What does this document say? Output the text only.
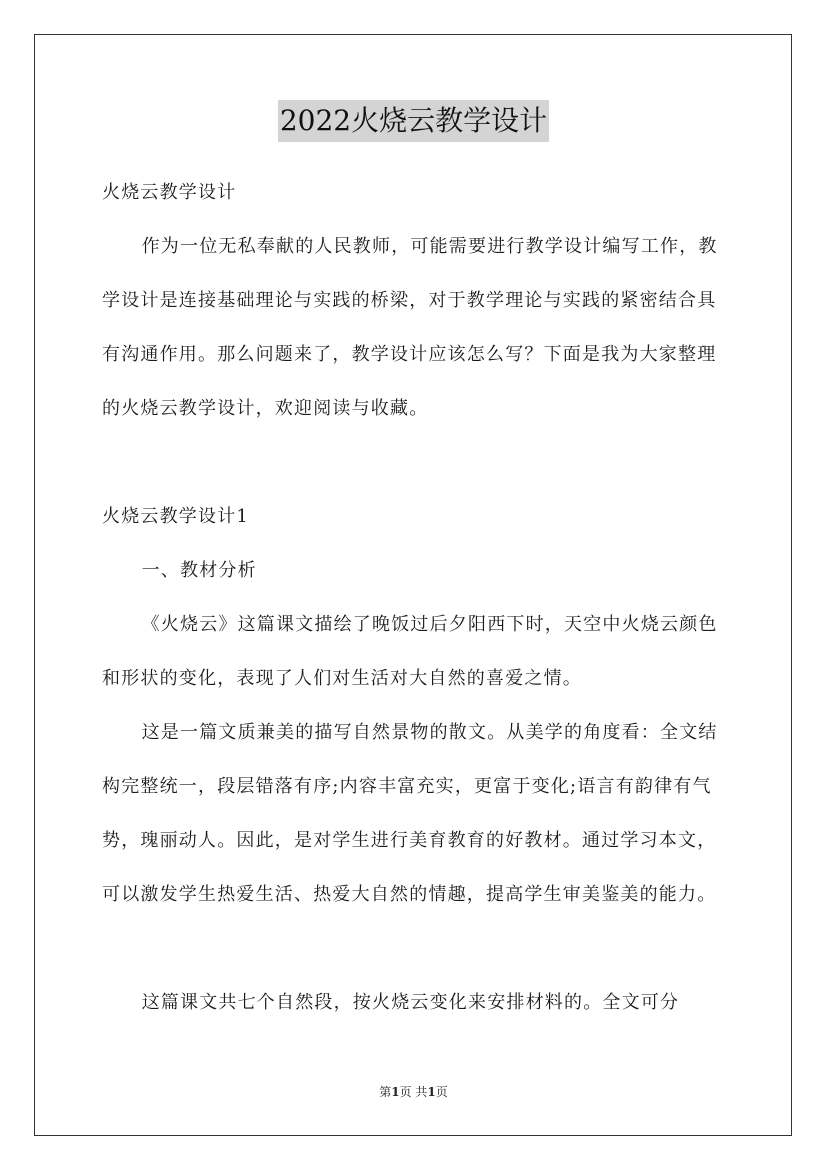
2022火烧云教学设计

火烧云教学设计

作为一位无私奉献的人民教师，可能需要进行教学设计编写工作，教学设计是连接基础理论与实践的桥梁，对于教学理论与实践的紧密结合具有沟通作用。那么问题来了，教学设计应该怎么写？下面是我为大家整理的火烧云教学设计，欢迎阅读与收藏。

火烧云教学设计1

一、教材分析

《火烧云》这篇课文描绘了晚饭过后夕阳西下时，天空中火烧云颜色和形状的变化，表现了人们对生活对大自然的喜爱之情。

这是一篇文质兼美的描写自然景物的散文。从美学的角度看：全文结构完整统一，段层错落有序;内容丰富充实，更富于变化;语言有韵律有气势，瑰丽动人。因此，是对学生进行美育教育的好教材。通过学习本文，可以激发学生热爱生活、热爱大自然的情趣，提高学生审美鉴美的能力。

这篇课文共七个自然段，按火烧云变化来安排材料的。全文可分

第1页 共1页
